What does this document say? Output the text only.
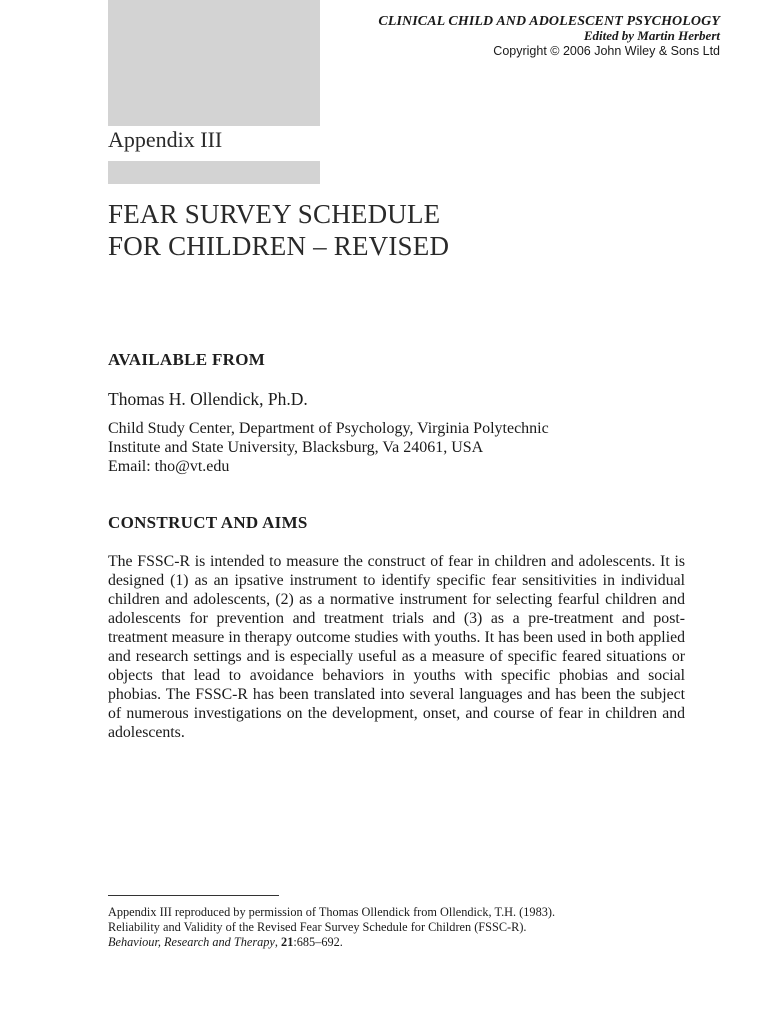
CLINICAL CHILD AND ADOLESCENT PSYCHOLOGY
Edited by Martin Herbert
Copyright © 2006 John Wiley & Sons Ltd
Appendix III
FEAR SURVEY SCHEDULE
FOR CHILDREN – REVISED
AVAILABLE FROM
Thomas H. Ollendick, Ph.D.
Child Study Center, Department of Psychology, Virginia Polytechnic
Institute and State University, Blacksburg, Va 24061, USA
Email: tho@vt.edu
CONSTRUCT AND AIMS
The FSSC-R is intended to measure the construct of fear in children and adolescents. It is designed (1) as an ipsative instrument to identify specific fear sensitivities in individual children and adolescents, (2) as a normative instrument for selecting fearful children and adolescents for prevention and treatment trials and (3) as a pre-treatment and post-treatment measure in therapy outcome studies with youths. It has been used in both applied and research settings and is especially useful as a measure of specific feared situations or objects that lead to avoidance behaviors in youths with specific phobias and social phobias. The FSSC-R has been translated into several languages and has been the subject of numerous investigations on the development, onset, and course of fear in children and adolescents.
Appendix III reproduced by permission of Thomas Ollendick from Ollendick, T.H. (1983).
Reliability and Validity of the Revised Fear Survey Schedule for Children (FSSC-R).
Behaviour, Research and Therapy, 21:685–692.
